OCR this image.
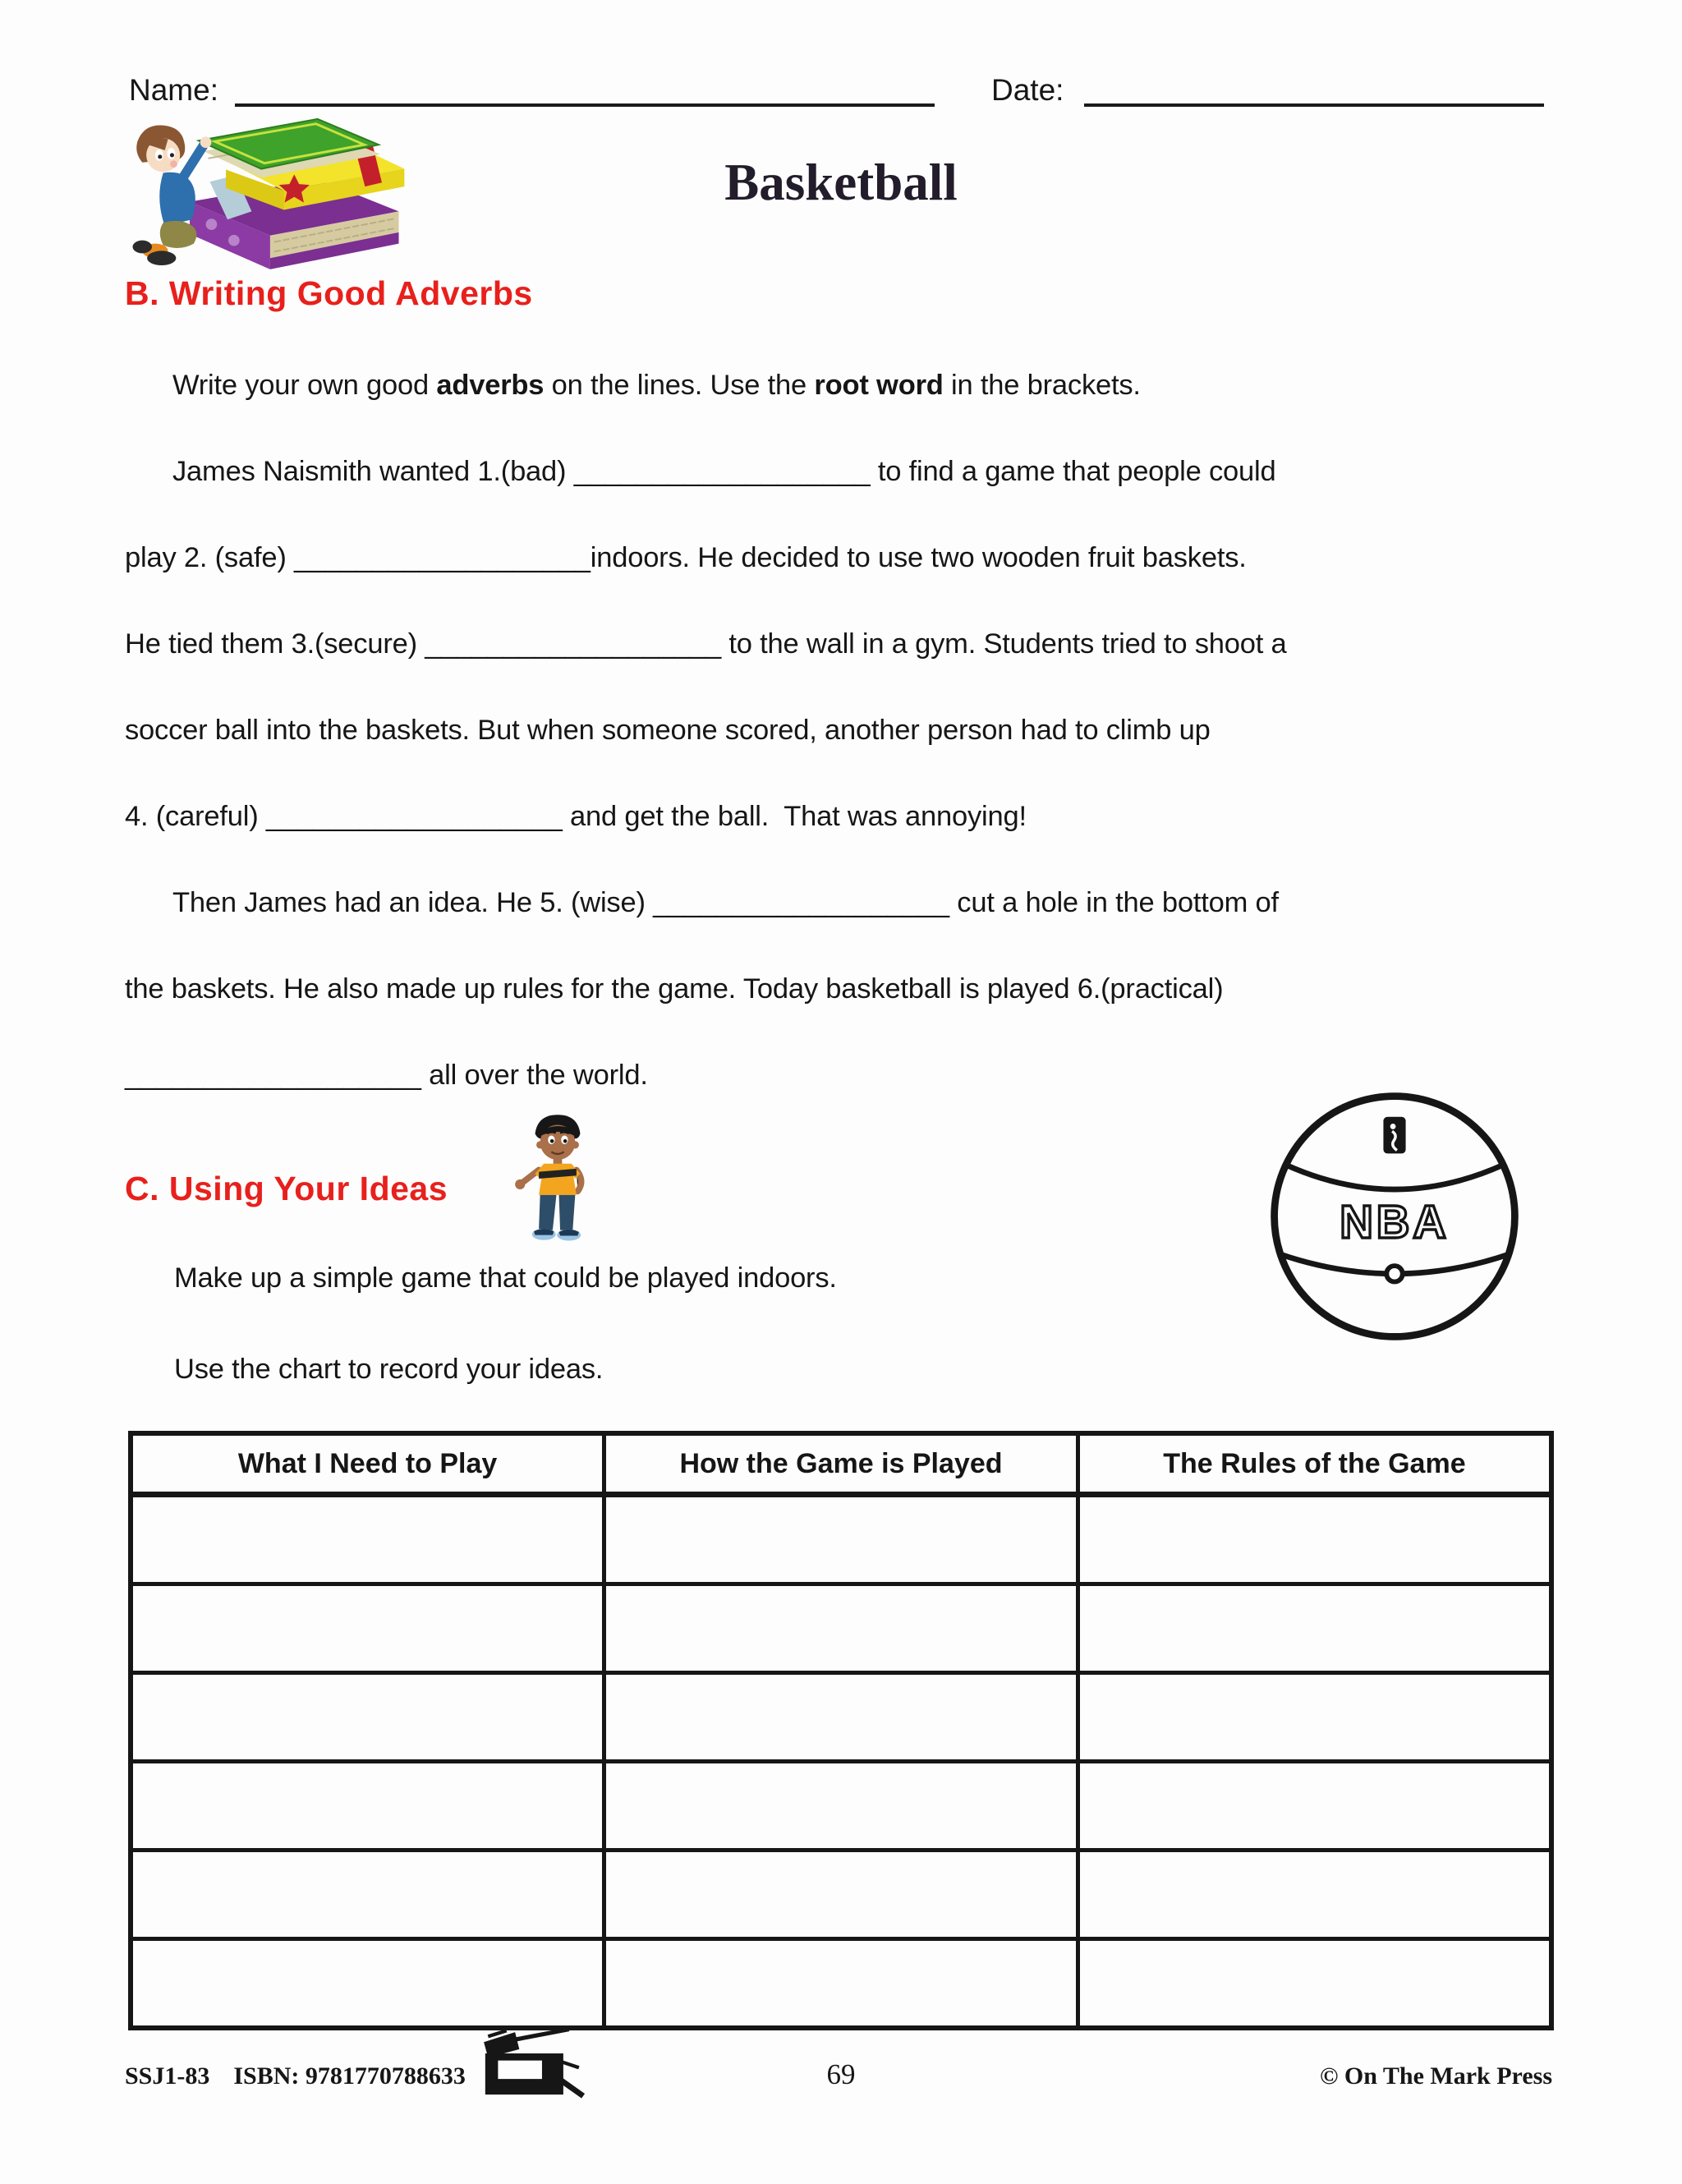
Name:	Date:
Basketball
B. Writing Good Adverbs
Write your own good adverbs on the lines. Use the root word in the brackets.
James Naismith wanted 1.(bad) ___________________ to find a game that people could
play 2. (safe) ___________________indoors. He decided to use two wooden fruit baskets.
He tied them 3.(secure) ___________________ to the wall in a gym. Students tried to shoot a
soccer ball into the baskets. But when someone scored, another person had to climb up
4. (careful) ___________________ and get the ball.  That was annoying!
Then James had an idea. He 5. (wise) ___________________ cut a hole in the bottom of
the baskets. He also made up rules for the game. Today basketball is played 6.(practical)
___________________ all over the world.
C. Using Your Ideas
NBA
Make up a simple game that could be played indoors.
Use the chart to record your ideas.
What I Need to Play	How the Game is Played	The Rules of the Game

SSJ1-83 ISBN: 9781770788633	69	© On The Mark Press
